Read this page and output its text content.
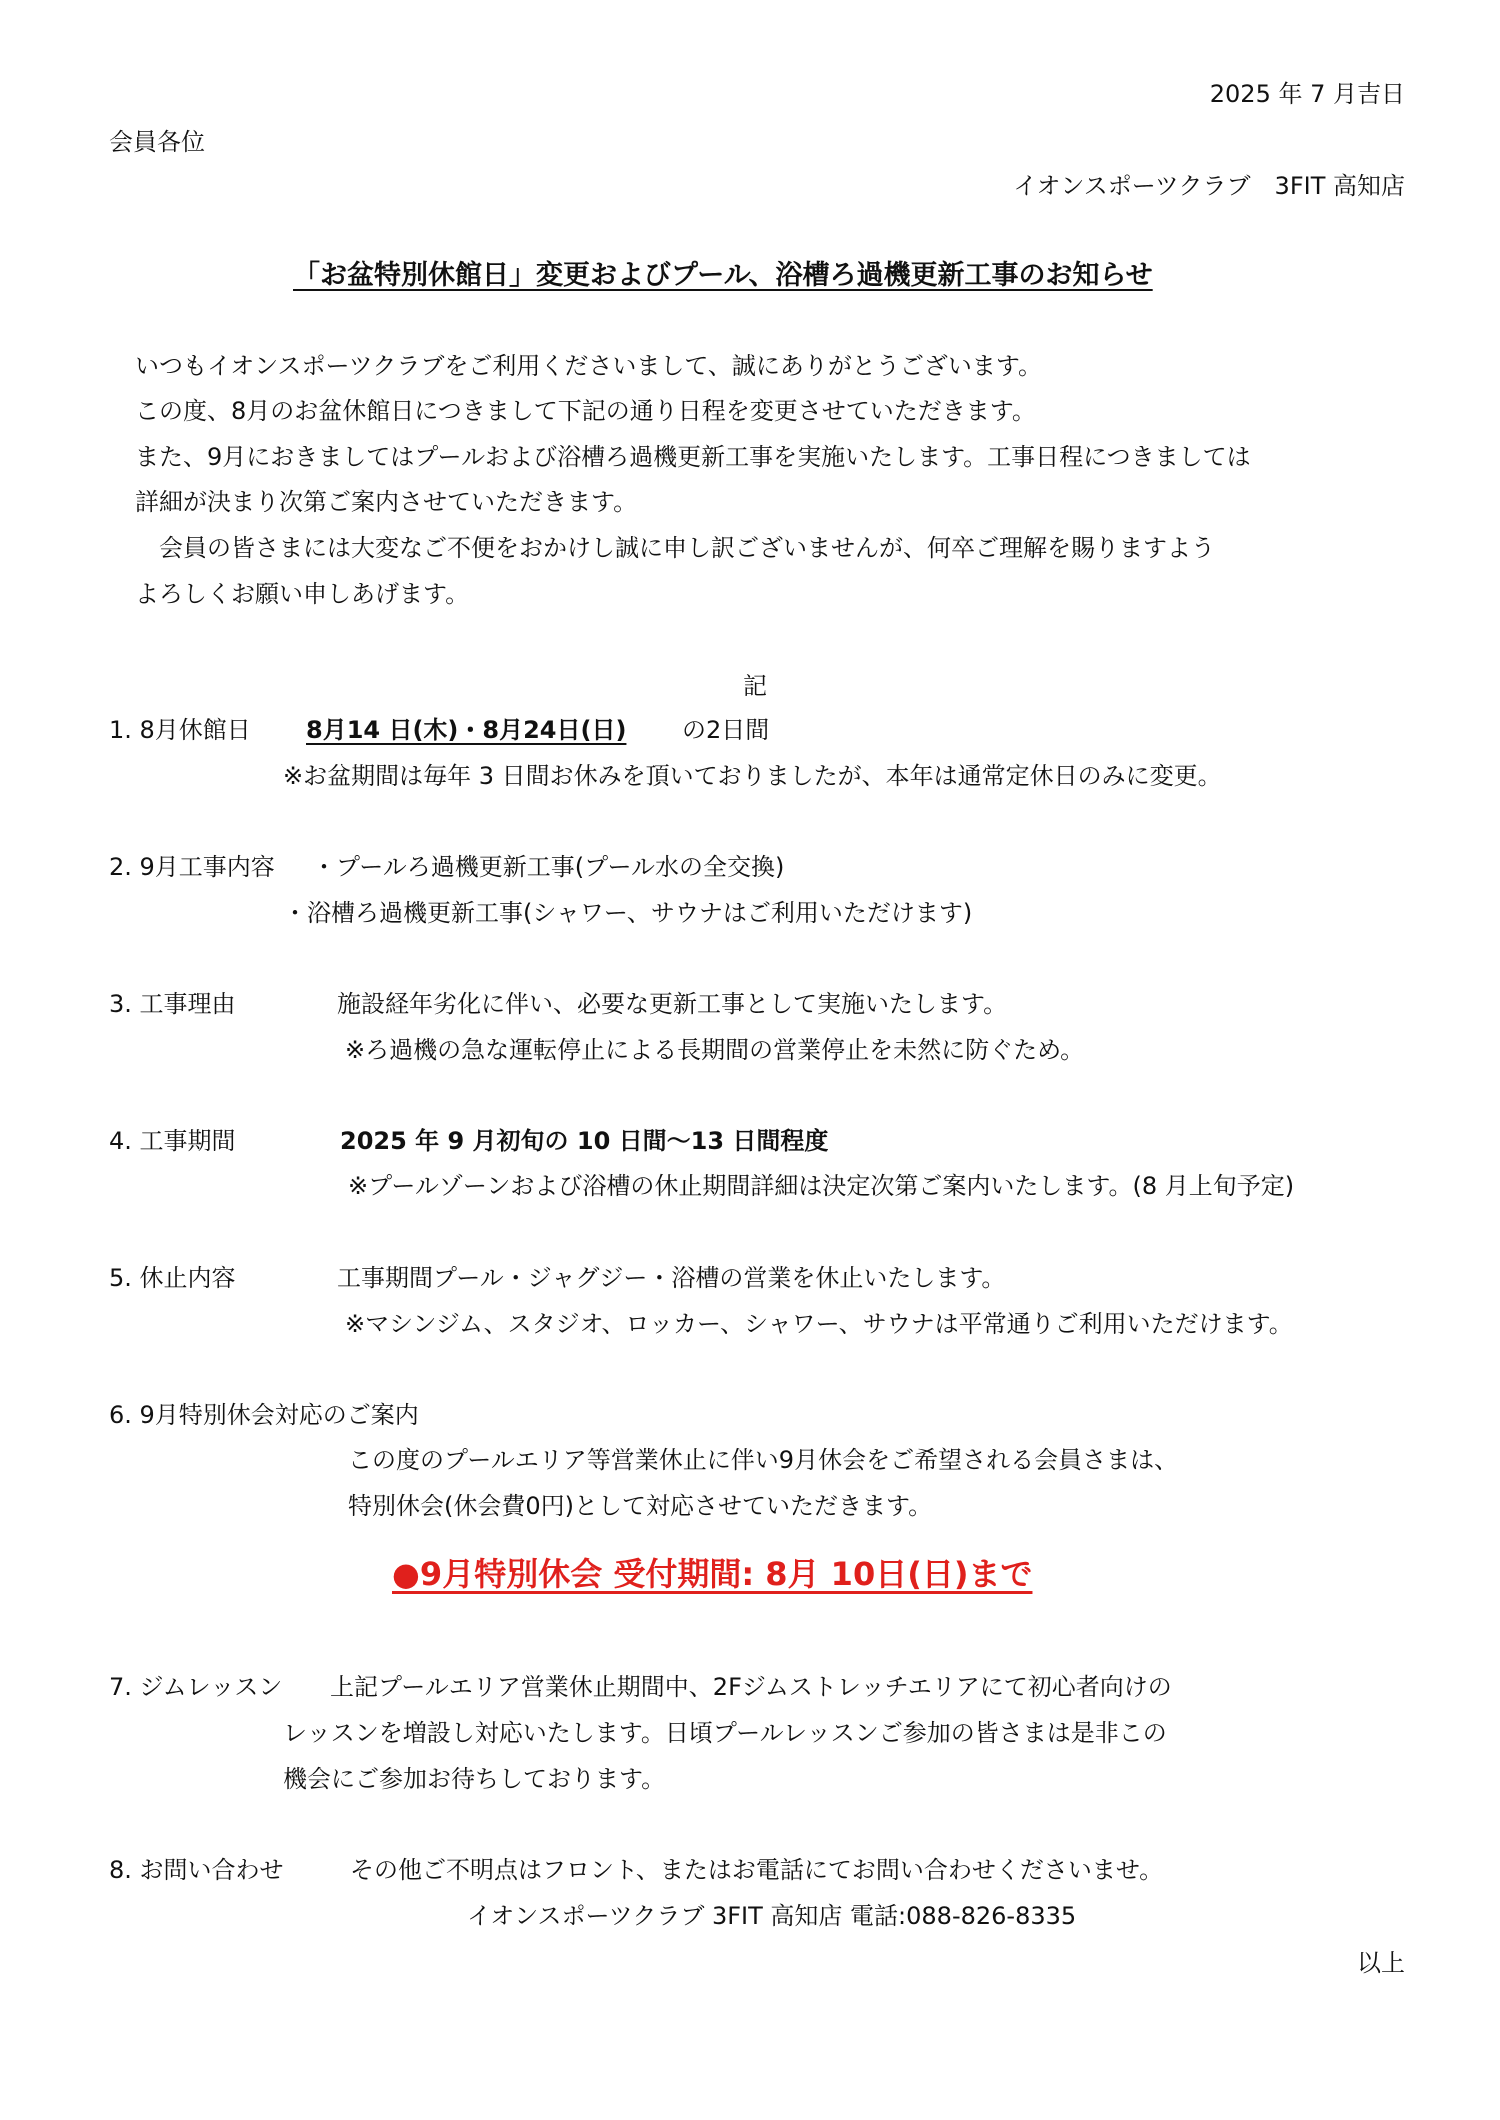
2025 年 7 月吉日
会員各位
イオンスポーツクラブ　3FIT 高知店
「お盆特別休館日」変更およびプール、浴槽ろ過機更新工事のお知らせ
いつもイオンスポーツクラブをご利用くださいまして、誠にありがとうございます。
この度、8月のお盆休館日につきまして下記の通り日程を変更させていただきます。
また、9月におきましてはプールおよび浴槽ろ過機更新工事を実施いたします。工事日程につきましては
詳細が決まり次第ご案内させていただきます。
　会員の皆さまには大変なご不便をおかけし誠に申し訳ございませんが、何卒ご理解を賜りますよう
よろしくお願い申しあげます。
記
1. 8月休館日 8月14 日(木)・8月24日(日) の2日間
※お盆期間は毎年 3 日間お休みを頂いておりましたが、本年は通常定休日のみに変更。
2. 9月工事内容 ・プールろ過機更新工事(プール水の全交換)
・浴槽ろ過機更新工事(シャワー、サウナはご利用いただけます)
3. 工事理由	施設経年劣化に伴い、必要な更新工事として実施いたします。
※ろ過機の急な運転停止による長期間の営業停止を未然に防ぐため。
4. 工事期間	2025 年 9 月初旬の 10 日間～13 日間程度
※プールゾーンおよび浴槽の休止期間詳細は決定次第ご案内いたします。(8 月上旬予定)
5. 休止内容	工事期間プール・ジャグジー・浴槽の営業を休止いたします。
※マシンジム、スタジオ、ロッカー、シャワー、サウナは平常通りご利用いただけます。
6. 9月特別休会対応のご案内
この度のプールエリア等営業休止に伴い9月休会をご希望される会員さまは、
特別休会(休会費0円)として対応させていただきます。
●9月特別休会 受付期間: 8月 10日(日)まで
7. ジムレッスン 上記プールエリア営業休止期間中、2Fジムストレッチエリアにて初心者向けの
レッスンを増設し対応いたします。日頃プールレッスンご参加の皆さまは是非この
機会にご参加お待ちしております。
8. お問い合わせ	その他ご不明点はフロント、またはお電話にてお問い合わせくださいませ。
イオンスポーツクラブ 3FIT 高知店 電話:088-826-8335
以上
